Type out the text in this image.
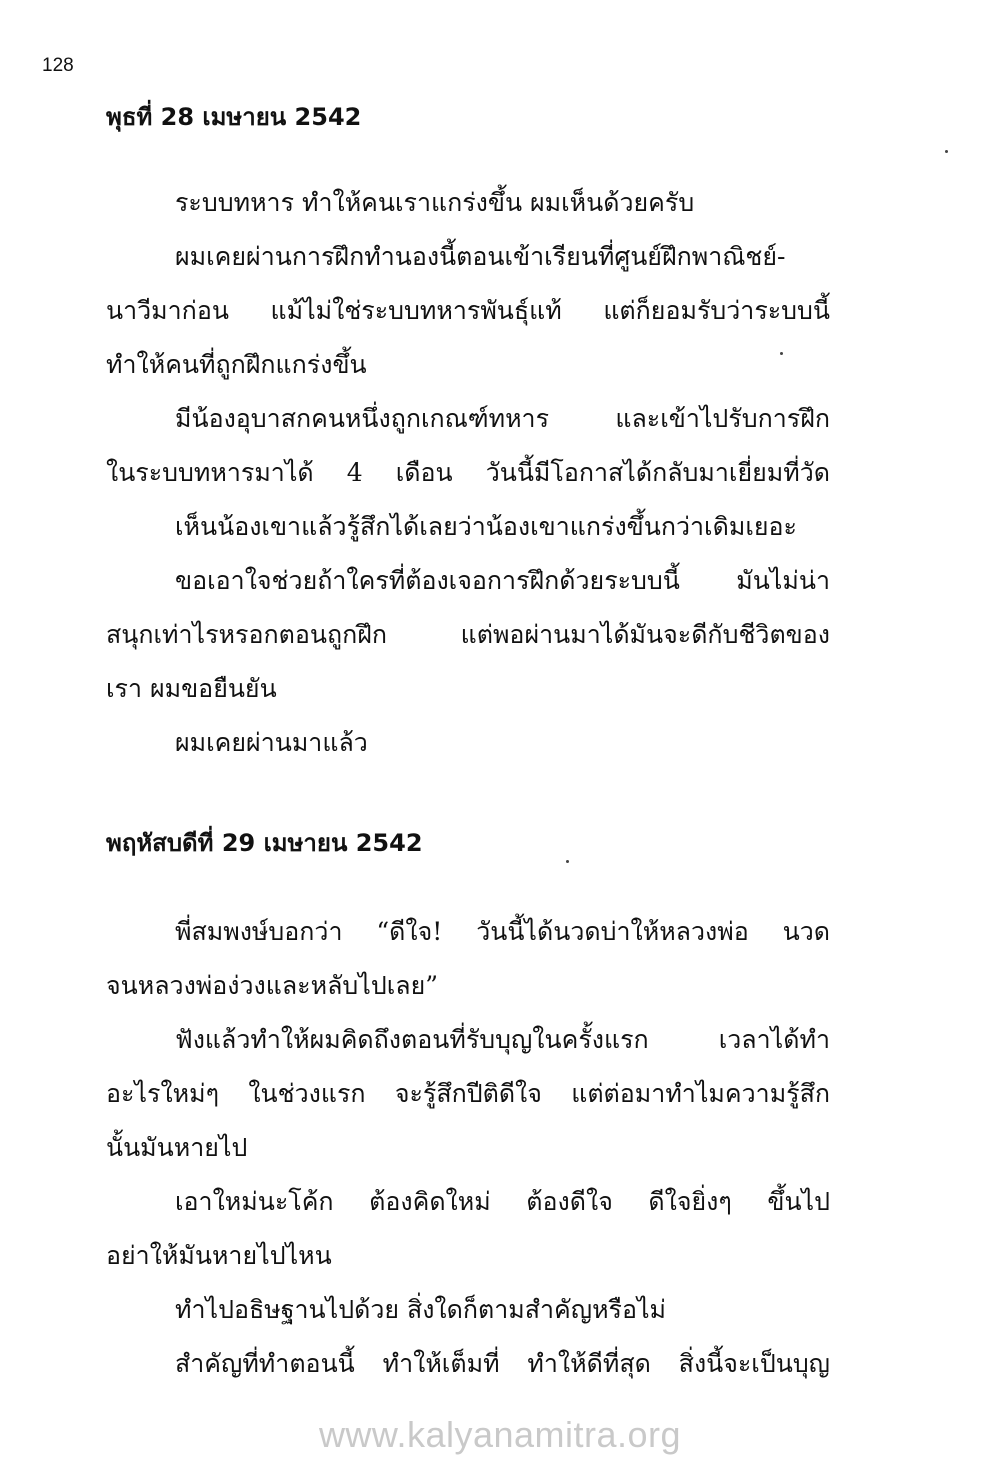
128
พุธที่ 28 เมษายน 2542
ระบบทหาร ทำให้คนเราแกร่งขึ้น ผมเห็นด้วยครับ
ผมเคยผ่านการฝึกทำนองนี้ตอนเข้าเรียนที่ศูนย์ฝึกพาณิชย์-
นาวีมาก่อน แม้ไม่ใช่ระบบทหารพันธุ์แท้ แต่ก็ยอมรับว่าระบบนี้
ทำให้คนที่ถูกฝึกแกร่งขึ้น
มีน้องอุบาสกคนหนึ่งถูกเกณฑ์ทหาร และเข้าไปรับการฝึก
ในระบบทหารมาได้ 4 เดือน วันนี้มีโอกาสได้กลับมาเยี่ยมที่วัด
เห็นน้องเขาแล้วรู้สึกได้เลยว่าน้องเขาแกร่งขึ้นกว่าเดิมเยอะ
ขอเอาใจช่วยถ้าใครที่ต้องเจอการฝึกด้วยระบบนี้ มันไม่น่า
สนุกเท่าไรหรอกตอนถูกฝึก แต่พอผ่านมาได้มันจะดีกับชีวิตของ
เรา ผมขอยืนยัน
ผมเคยผ่านมาแล้ว
พฤหัสบดีที่ 29 เมษายน 2542
พี่สมพงษ์บอกว่า “ดีใจ! วันนี้ได้นวดบ่าให้หลวงพ่อ นวด
จนหลวงพ่อง่วงและหลับไปเลย”
ฟังแล้วทำให้ผมคิดถึงตอนที่รับบุญในครั้งแรก เวลาได้ทำ
อะไรใหม่ๆ ในช่วงแรก จะรู้สึกปีติดีใจ แต่ต่อมาทำไมความรู้สึก
นั้นมันหายไป
เอาใหม่นะโค้ก ต้องคิดใหม่ ต้องดีใจ ดีใจยิ่งๆ ขึ้นไป
อย่าให้มันหายไปไหน
ทำไปอธิษฐานไปด้วย สิ่งใดก็ตามสำคัญหรือไม่
สำคัญที่ทำตอนนี้ ทำให้เต็มที่ ทำให้ดีที่สุด สิ่งนี้จะเป็นบุญ
www.kalyanamitra.org
